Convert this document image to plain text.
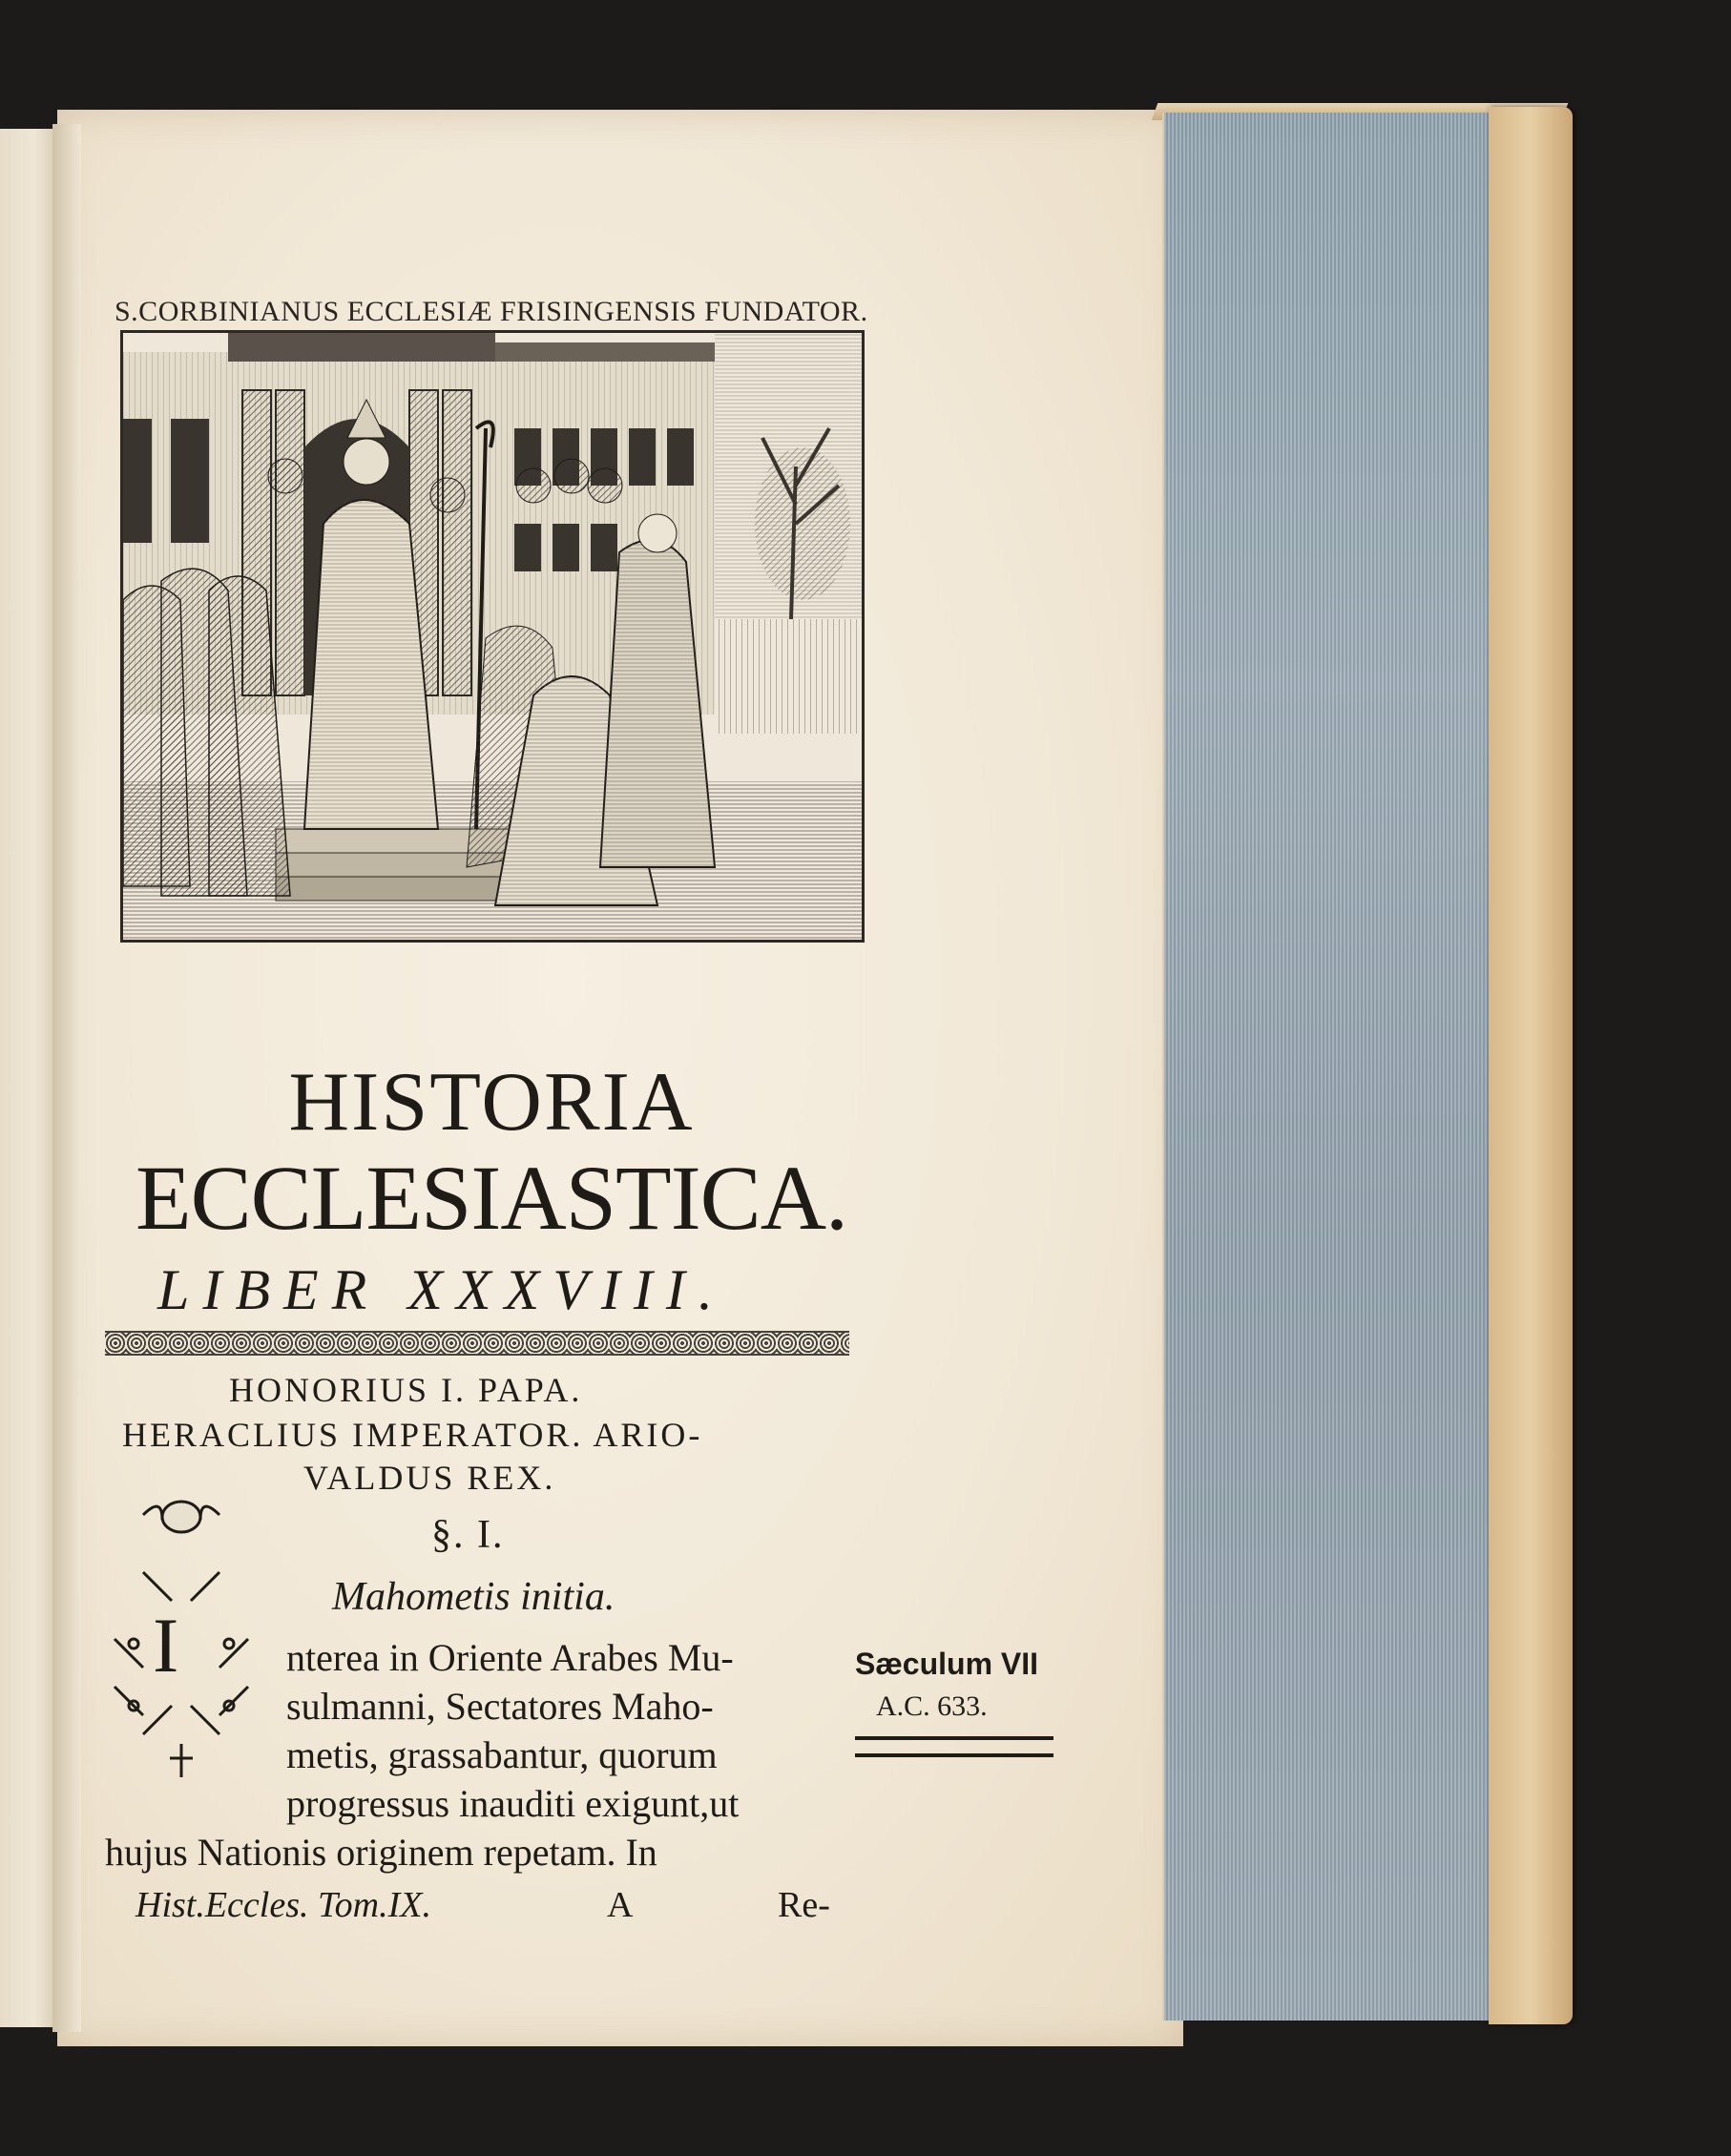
S.CORBINIANUS ECCLESIÆ FRISINGENSIS FUNDATOR.
HISTORIA
ECCLESIASTICA.
LIBER XXXVIII.
HONORIUS I. PAPA.
HERACLIUS IMPERATOR. ARIO-
VALDUS REX.
§. I.
Mahometis initia.
I	nterea in Oriente Arabes Mu-
sulmanni, Sectatores Maho-
metis, grassabantur, quorum
progressus inauditi exigunt,ut
hujus Nationis originem repetam. In
Sæculum VII
A.C. 633.
Hist.Eccles. Tom.IX.	A	Re-
